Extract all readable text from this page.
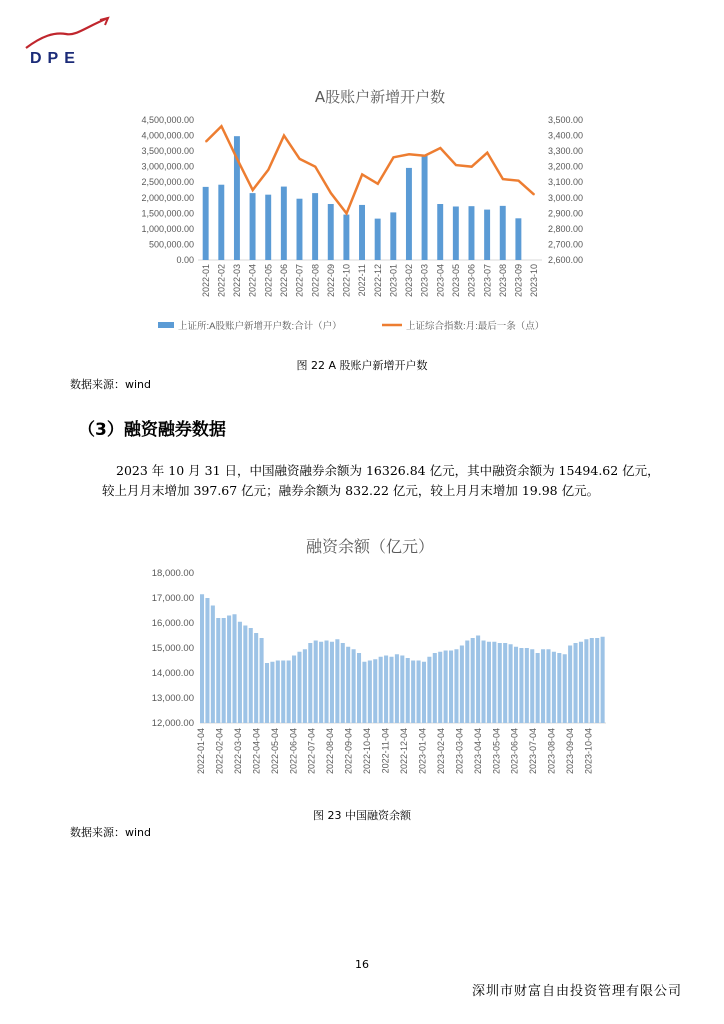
DPE
A股账户新增开户数
0.00
500,000.00
1,000,000.00
1,500,000.00
2,000,000.00
2,500,000.00
3,000,000.00
3,500,000.00
4,000,000.00
4,500,000.00
2,600.00
2,700.00
2,800.00
2,900.00
3,000.00
3,100.00
3,200.00
3,300.00
3,400.00
3,500.00
2022-01 2022-02 2022-03 2022-04 2022-05 2022-06 2022-07 2022-08 2022-09 2022-10 2022-11 2022-12 2023-01 2023-02 2023-03 2023-04 2023-05 2023-06 2023-07 2023-08 2023-09 2023-10
上证所:A股账户新增开户数:合计（户）	上证综合指数:月:最后一条（点）
图 22 A 股账户新增开户数
数据来源：wind
（3）融资融券数据
2023 年 10 月 31 日，中国融资融券余额为 16326.84 亿元，其中融资余额为 15494.62 亿元，较上月月末增加 397.67 亿元；融券余额为 832.22 亿元，较上月月末增加 19.98 亿元。
融资余额（亿元）
12,000.00
13,000.00
14,000.00
15,000.00
16,000.00
17,000.00
18,000.00
2022-01-04 2022-02-04 2022-03-04 2022-04-04 2022-05-04 2022-06-04 2022-07-04 2022-08-04 2022-09-04 2022-10-04 2022-11-04 2022-12-04 2023-01-04 2023-02-04 2023-03-04 2023-04-04 2023-05-04 2023-06-04 2023-07-04 2023-08-04 2023-09-04 2023-10-04
图 23 中国融资余额
数据来源：wind
16
深圳市财富自由投资管理有限公司
